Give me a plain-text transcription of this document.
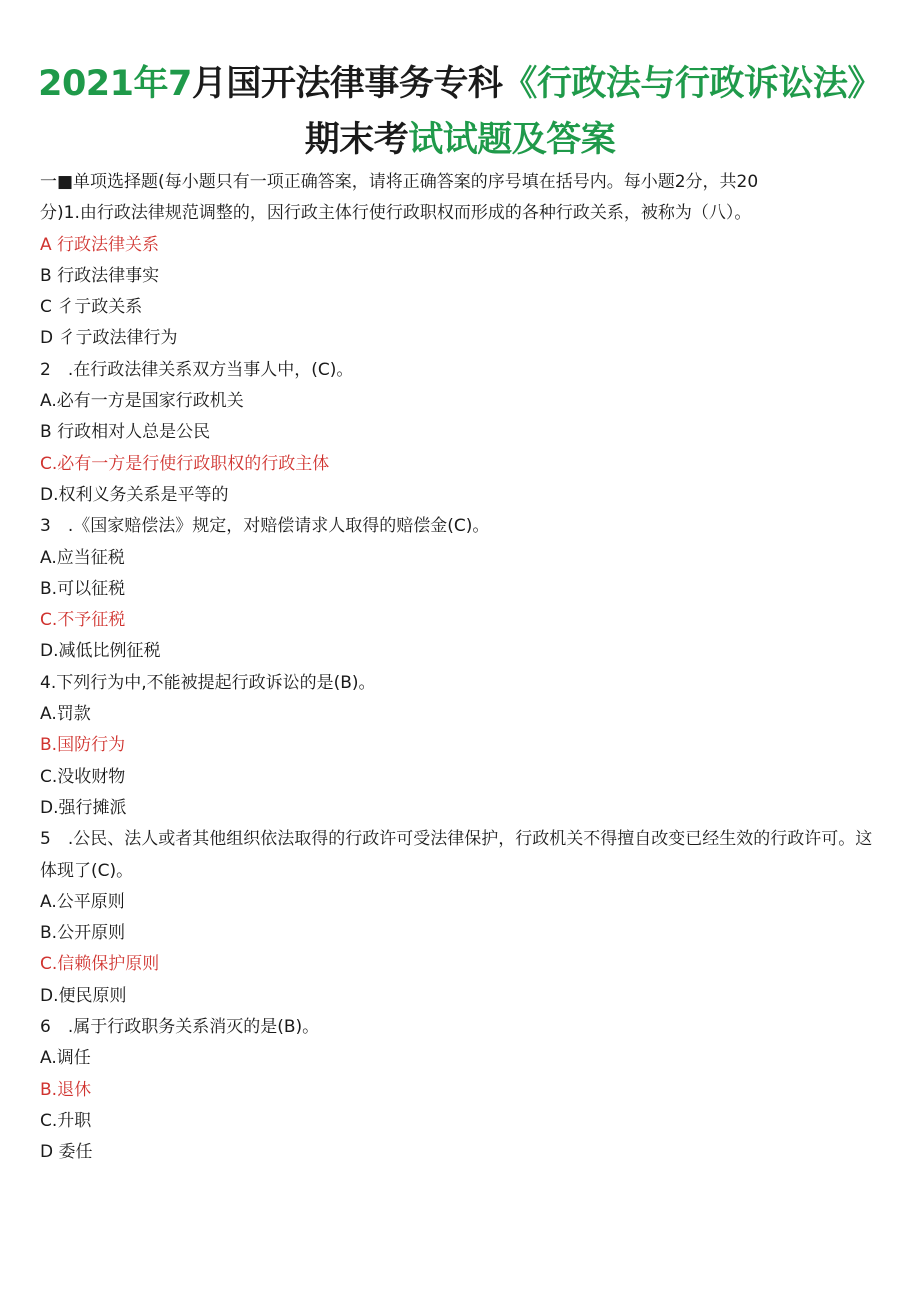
2021年7月国开法律事务专科《行政法与行政诉讼法》
期末考试试题及答案
一■单项选择题(每小题只有一项正确答案，请将正确答案的序号填在括号内。每小题2分，共20
分)1.由行政法律规范调整的，因行政主体行使行政职权而形成的各种行政关系，被称为（八）。
A 行政法律关系
B 行政法律事实
C 彳亍政关系
D 彳亍政法律行为
2　.在行政法律关系双方当事人中，(C)。
A.必有一方是国家行政机关
B 行政相对人总是公民
C.必有一方是行使行政职权的行政主体
D.权利义务关系是平等的
3　.《国家赔偿法》规定，对赔偿请求人取得的赔偿金(C)。
A.应当征税
B.可以征税
C.不予征税
D.减低比例征税
4.下列行为中,不能被提起行政诉讼的是(B)。
A.罚款
B.国防行为
C.没收财物
D.强行摊派
5　.公民、法人或者其他组织依法取得的行政许可受法律保护，行政机关不得擅自改变已经生效的行政许可。这体现了(C)。
A.公平原则
B.公开原则
C.信赖保护原则
D.便民原则
6　.属于行政职务关系消灭的是(B)。
A.调任
B.退休
C.升职
D 委任
